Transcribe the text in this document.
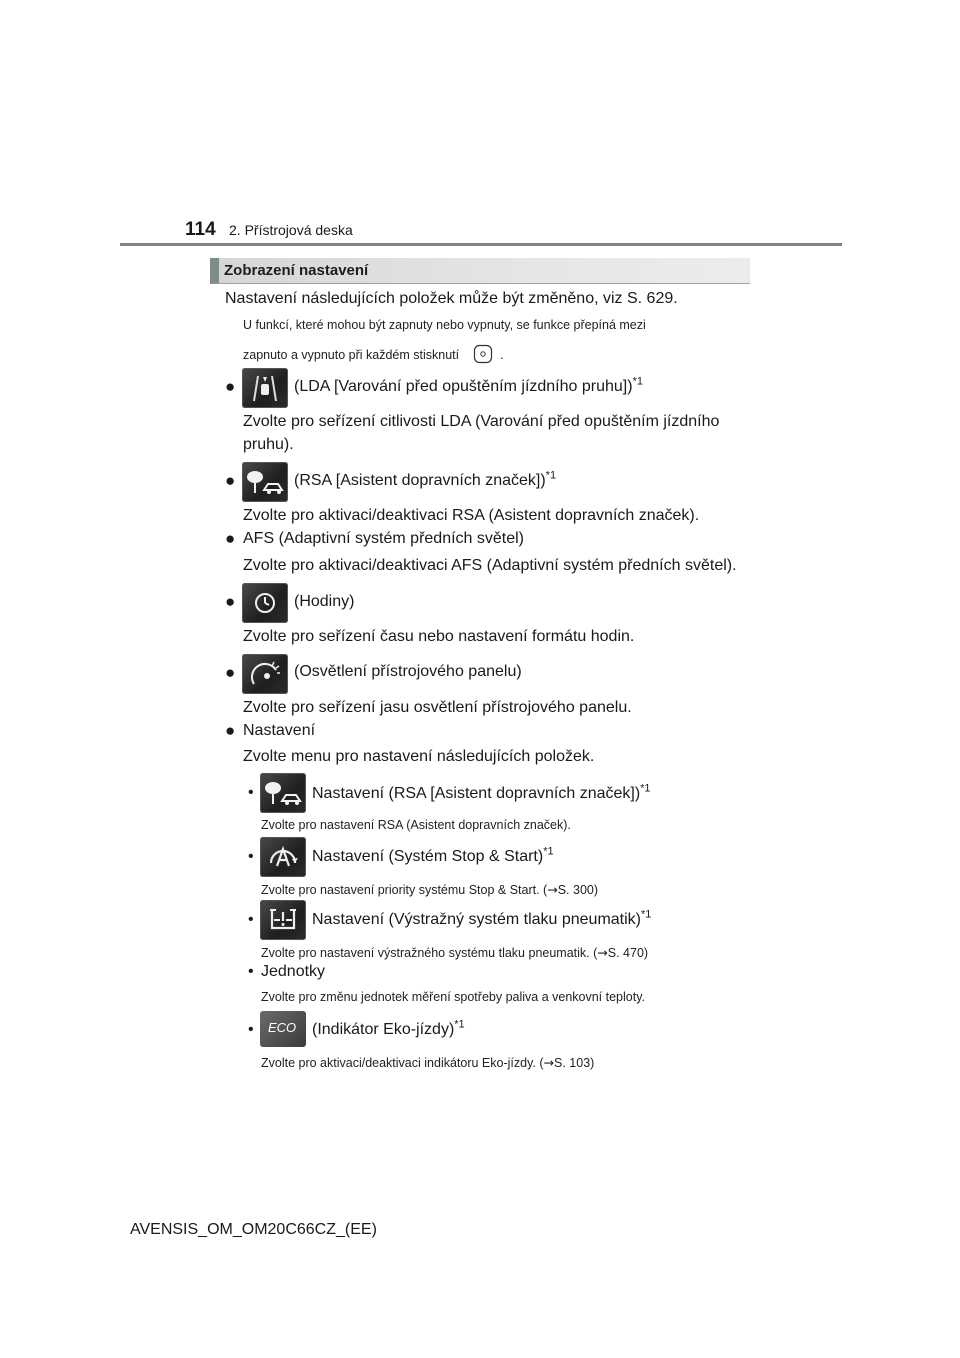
114 2. Přístrojová deska
Zobrazení nastavení
Nastavení následujících položek může být změněno, viz S. 629.
U funkcí, které mohou být zapnuty nebo vypnuty, se funkce přepíná mezi
zapnuto a vypnuto při každém stisknutí	.
●	(LDA [Varování před opuštěním jízdního pruhu])$^{*1}$
Zvolte pro seřízení citlivosti LDA (Varování před opuštěním jízdního
pruhu).
●	(RSA [Asistent dopravních značek])$^{*1}$
Zvolte pro aktivaci/deaktivaci RSA (Asistent dopravních značek).
● AFS (Adaptivní systém předních světel)
Zvolte pro aktivaci/deaktivaci AFS (Adaptivní systém předních světel).
●	(Hodiny)
Zvolte pro seřízení času nebo nastavení formátu hodin.
●	(Osvětlení přístrojového panelu)
Zvolte pro seřízení jasu osvětlení přístrojového panelu.
● Nastavení
Zvolte menu pro nastavení následujících položek.
•	Nastavení (RSA [Asistent dopravních značek])$^{*1}$
Zvolte pro nastavení RSA (Asistent dopravních značek).
•	Nastavení (Systém Stop & Start)$^{*1}$
Zvolte pro nastavení priority systému Stop & Start. (→S. 300)
•	Nastavení (Výstražný systém tlaku pneumatik)$^{*1}$
Zvolte pro nastavení výstražného systému tlaku pneumatik. (→S. 470)
• Jednotky
Zvolte pro změnu jednotek měření spotřeby paliva a venkovní teploty.
• ECO (Indikátor Eko-jízdy)$^{*1}$
Zvolte pro aktivaci/deaktivaci indikátoru Eko-jízdy. (→S. 103)
AVENSIS_OM_OM20C66CZ_(EE)
